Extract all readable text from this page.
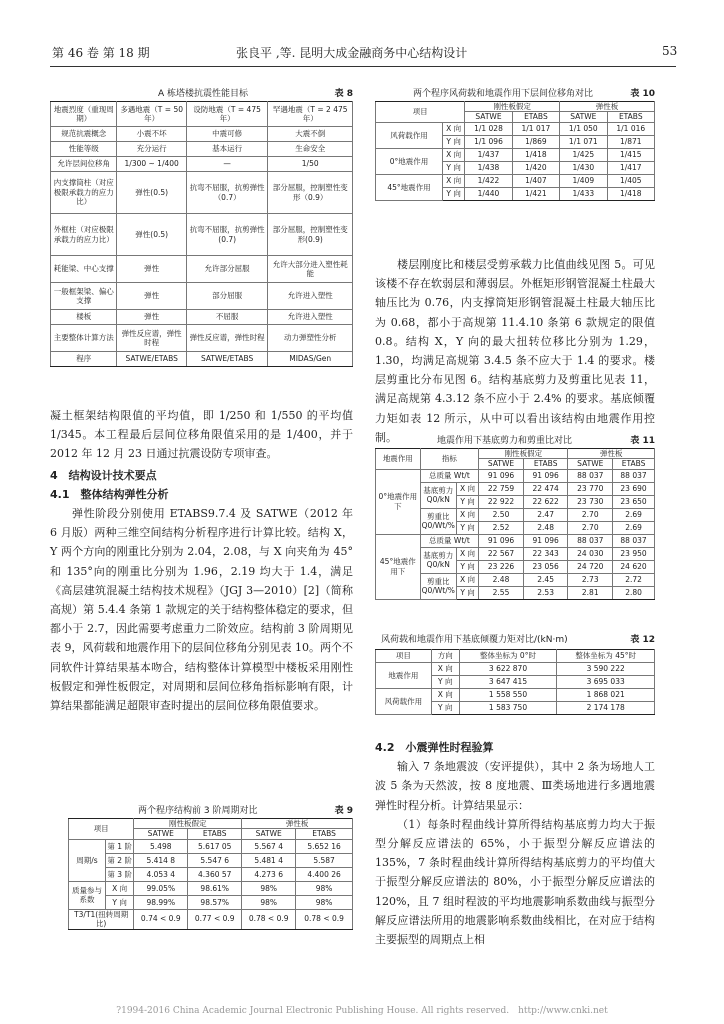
第 46 卷 第 18 期	张良平 ,等. 昆明大成金融商务中心结构设计	53
A 栋塔楼抗震性能目标	表 8
地震烈度（重现周期）	多遇地震（T = 50 年）	设防地震（T = 475 年）	罕遇地震（T = 2 475 年）
规范抗震概念	小震不坏	中震可修	大震不倒
性能等级	充分运行	基本运行	生命安全
允许层间位移角	1/300 ~ 1/400	—	1/50
内支撑筒柱（对应极限承载力的应力比）	弹性(0.5)	抗弯不屈服，抗剪弹性（0.7）	部分屈服，控制塑性变形（0.9）
外框柱（对应极限承载力的应力比）	弹性(0.5)	抗弯不屈服，抗剪弹性(0.7)	部分屈服，控制塑性变形(0.9)
耗能梁、中心支撑	弹性	允许部分屈服	允许大部分进入塑性耗能
一般框架梁、偏心支撑	弹性	部分屈服	允许进入塑性
楼板	弹性	不屈服	允许进入塑性
主要整体计算方法	弹性反应谱，弹性时程	弹性反应谱，弹性时程	动力弹塑性分析
程序	SATWE/ETABS	SATWE/ETABS	MIDAS/Gen

凝土框架结构限值的平均值，即 1/250 和 1/550 的平均值 1/345。本工程最后层间位移角限值采用的是 1/400，并于 2012 年 12 月 23 日通过抗震设防专项审查。

4　结构设计技术要点

4.1　整体结构弹性分析

弹性阶段分别使用 ETABS9.7.4 及 SATWE（2012 年 6 月版）两种三维空间结构分析程序进行计算比较。结构 X，Y 两个方向的刚重比分别为 2.04，2.08，与 X 向夹角为 45°和 135°向的刚重比分别为 1.96，2.19 均大于 1.4，满足《高层建筑混凝土结构技术规程》（JGJ 3—2010）[2]（简称高规）第 5.4.4 条第 1 款规定的关于结构整体稳定的要求，但都小于 2.7，因此需要考虑重力二阶效应。结构前 3 阶周期见表 9，风荷载和地震作用下的层间位移角分别见表 10。两个不同软件计算结果基本吻合，结构整体计算模型中楼板采用刚性板假定和弹性板假定，对周期和层间位移角指标影响有限，计算结果都能满足超限审查时提出的层间位移角限值要求。

两个程序结构前 3 阶周期对比	表 9
项目		刚性板假定		弹性板	
		SATWE	ETABS	SATWE	ETABS
周期/s	第 1 阶	5.498	5.617 05	5.567 4	5.652 16
	第 2 阶	5.414 8	5.547 6	5.481 4	5.587
	第 3 阶	4.053 4	4.360 57	4.273 6	4.400 26
质量参与系数	X 向	99.05%	98.61%	98%	98%
	Y 向	98.99%	98.57%	98%	98%
T3/T1(扭转周期比)		0.74 < 0.9	0.77 < 0.9	0.78 < 0.9	0.78 < 0.9
两个程序风荷载和地震作用下层间位移角对比	表 10
项目		刚性板假定		弹性板	
		SATWE	ETABS	SATWE	ETABS
风荷载作用	X 向	1/1 028	1/1 017	1/1 050	1/1 016
	Y 向	1/1 096	1/869	1/1 071	1/871
0°地震作用	X 向	1/437	1/418	1/425	1/415
	Y 向	1/438	1/420	1/430	1/417
45°地震作用	X 向	1/422	1/407	1/409	1/405
	Y 向	1/440	1/421	1/433	1/418

楼层刚度比和楼层受剪承载力比值曲线见图 5。可见该楼不存在软弱层和薄弱层。外框矩形钢管混凝土柱最大轴压比为 0.76，内支撑筒矩形钢管混凝土柱最大轴压比为 0.68，都小于高规第 11.4.10 条第 6 款规定的限值 0.8。结构 X，Y 向的最大扭转位移比分别为 1.29，1.30，均满足高规第 3.4.5 条不应大于 1.4 的要求。楼层剪重比分布见图 6。结构基底剪力及剪重比见表 11，满足高规第 4.3.12 条不应小于 2.4% 的要求。基底倾覆力矩如表 12 所示，从中可以看出该结构由地震作用控制。	地震作用下基底剪力和剪重比对比	表 11
地震作用	指标		刚性板假定		弹性板	
			SATWE	ETABS	SATWE	ETABS
0°地震作用下	总质量 Wt/t		91 096	91 096	88 037	88 037
	基底剪力 Q0/kN	X 向	22 759	22 474	23 770	23 690
		Y 向	22 922	22 622	23 730	23 650
	剪重比 Q0/Wt/%	X 向	2.50	2.47	2.70	2.69
		Y 向	2.52	2.48	2.70	2.69
45°地震作用下	总质量 Wt/t		91 096	91 096	88 037	88 037
	基底剪力 Q0/kN	X 向	22 567	22 343	24 030	23 950
		Y 向	23 226	23 056	24 720	24 620
	剪重比 Q0/Wt/%	X 向	2.48	2.45	2.73	2.72
		Y 向	2.55	2.53	2.81	2.80
风荷载和地震作用下基底倾覆力矩对比/(kN·m)	表 12
项目	方向	整体坐标为 0°时	整体坐标为 45°时
地震作用	X 向	3 622 870	3 590 222
	Y 向	3 647 415	3 695 033
风荷载作用	X 向	1 558 550	1 868 021
	Y 向	1 583 750	2 174 178

4.2　小震弹性时程验算

输入 7 条地震波（安评提供），其中 2 条为场地人工波 5 条为天然波，按 8 度地震、Ⅲ类场地进行多遇地震弹性时程分析。计算结果显示：

（1）每条时程曲线计算所得结构基底剪力均大于振型分解反应谱法的 65%，小于振型分解反应谱法的 135%，7 条时程曲线计算所得结构基底剪力的平均值大于振型分解反应谱法的 80%，小于振型分解反应谱法的 120%，且 7 组时程波的平均地震影响系数曲线与振型分解反应谱法所用的地震影响系数曲线相比，在对应于结构主要振型的周期点上相

?1994-2016 China Academic Journal Electronic Publishing House. All rights reserved.　http://www.cnki.net
